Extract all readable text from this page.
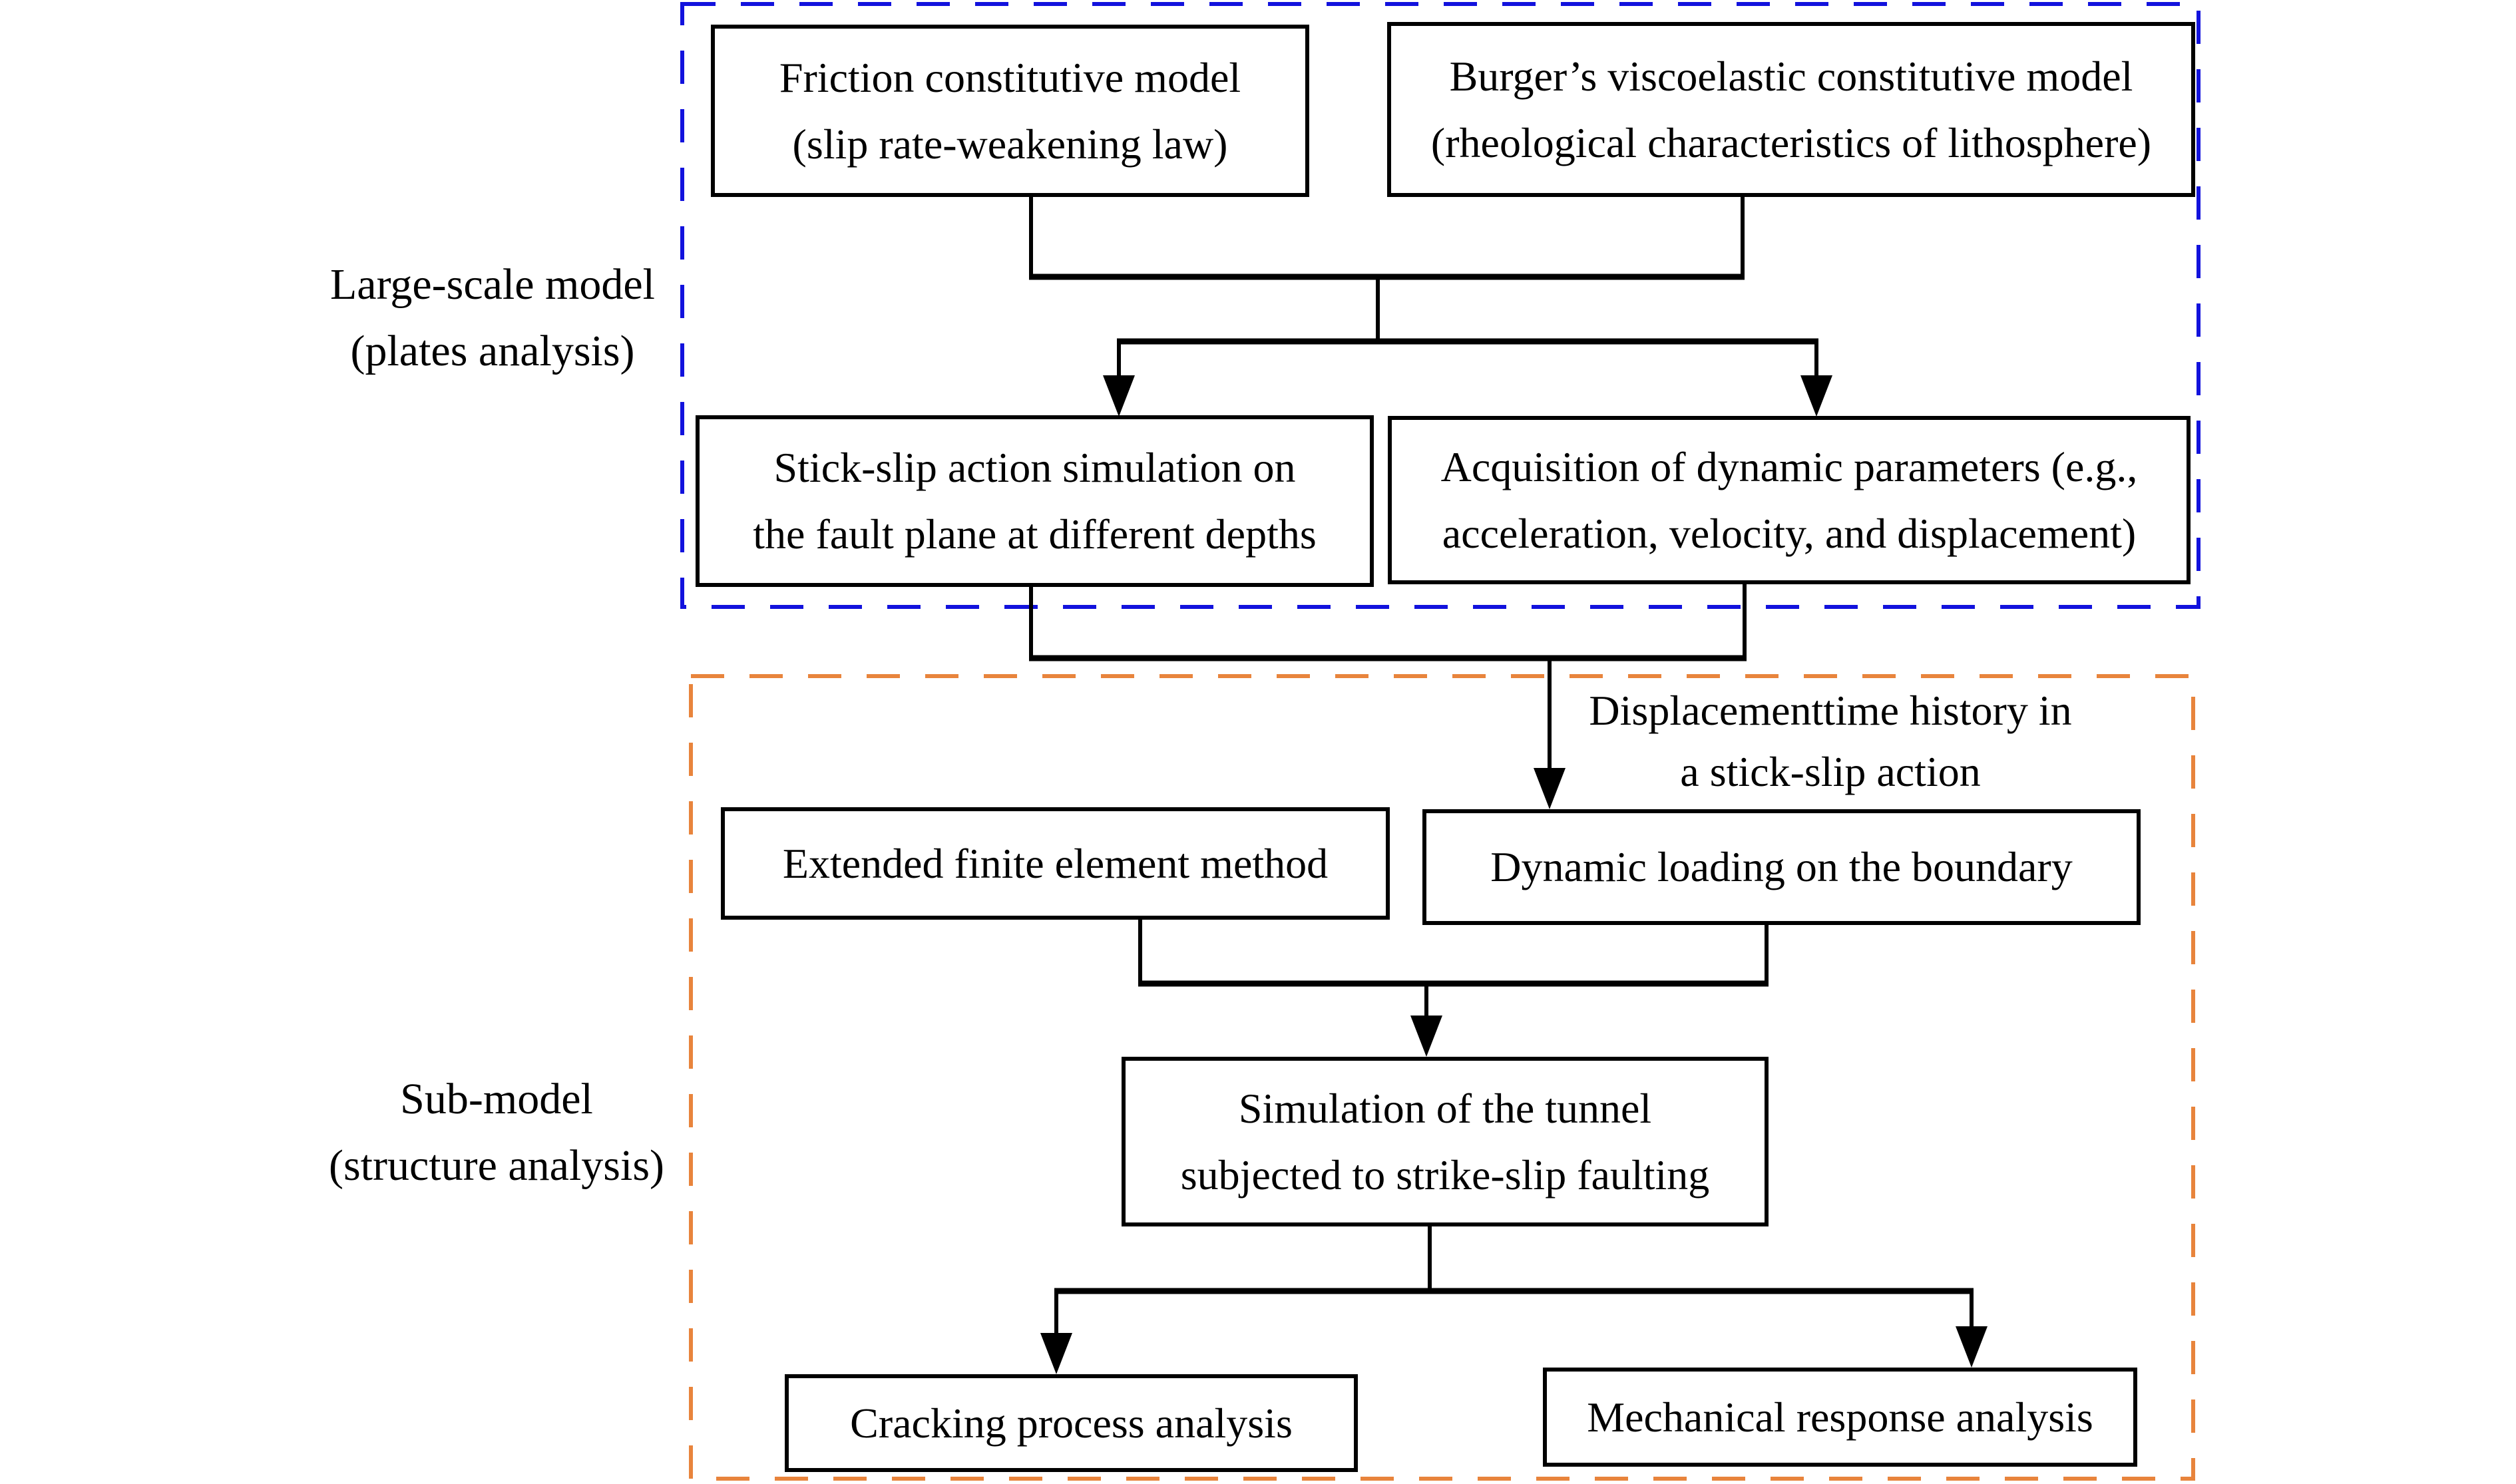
Large-scale model
(plates analysis)
Sub-model
(structure analysis)
Displacementtime history in
a stick-slip action
Friction constitutive model
(slip rate-weakening law)
Burger’s viscoelastic constitutive model
(rheological characteristics of lithosphere)
Stick-slip action simulation on
the fault plane at different depths
Acquisition of dynamic parameters (e.g.,
acceleration, velocity, and displacement)
Extended finite element method	Dynamic loading on the boundary
Simulation of the tunnel
subjected to strike-slip faulting
Cracking process analysis	Mechanical response analysis
